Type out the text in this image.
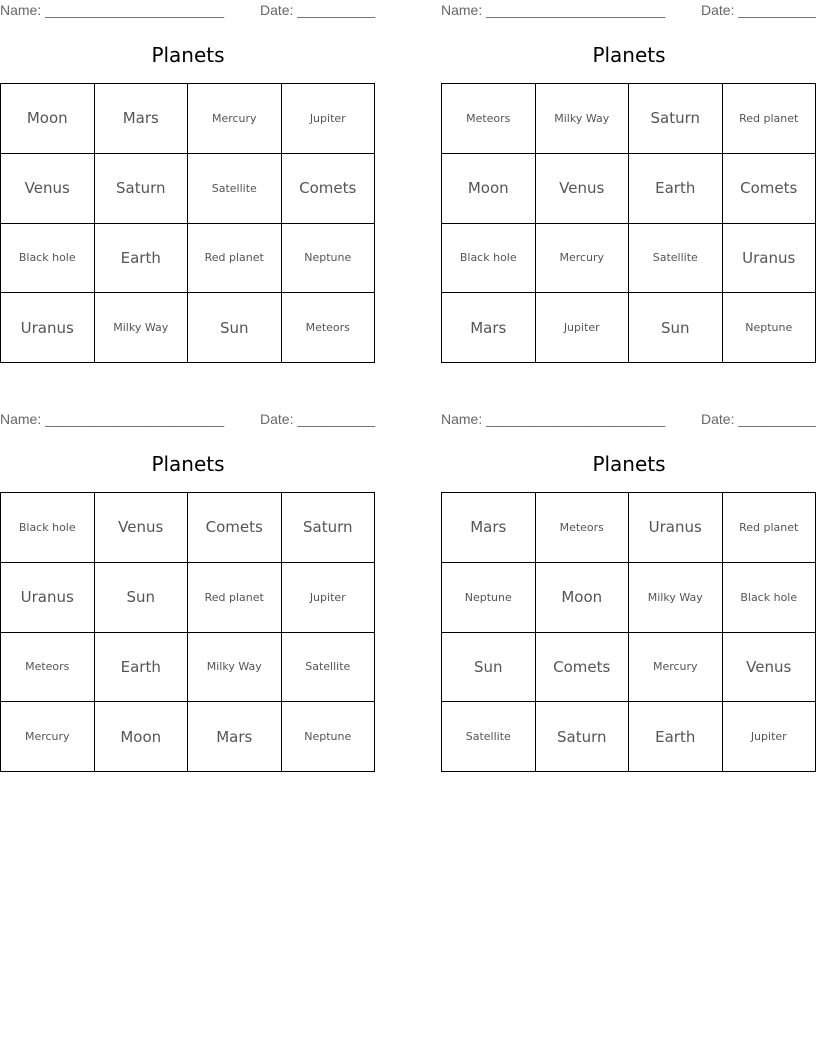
Name: _______________________	Date: __________
Planets
Moon	Mars	Mercury	Jupiter
Venus	Saturn	Satellite	Comets
Black hole	Earth	Red planet	Neptune
Uranus	Milky Way	Sun	Meteors
Name: _______________________	Date: __________
Planets
Meteors	Milky Way	Saturn	Red planet
Moon	Venus	Earth	Comets
Black hole	Mercury	Satellite	Uranus
Mars	Jupiter	Sun	Neptune
Name: _______________________	Date: __________
Planets
Black hole	Venus	Comets	Saturn
Uranus	Sun	Red planet	Jupiter
Meteors	Earth	Milky Way	Satellite
Mercury	Moon	Mars	Neptune
Name: _______________________	Date: __________
Planets
Mars	Meteors	Uranus	Red planet
Neptune	Moon	Milky Way	Black hole
Sun	Comets	Mercury	Venus
Satellite	Saturn	Earth	Jupiter
